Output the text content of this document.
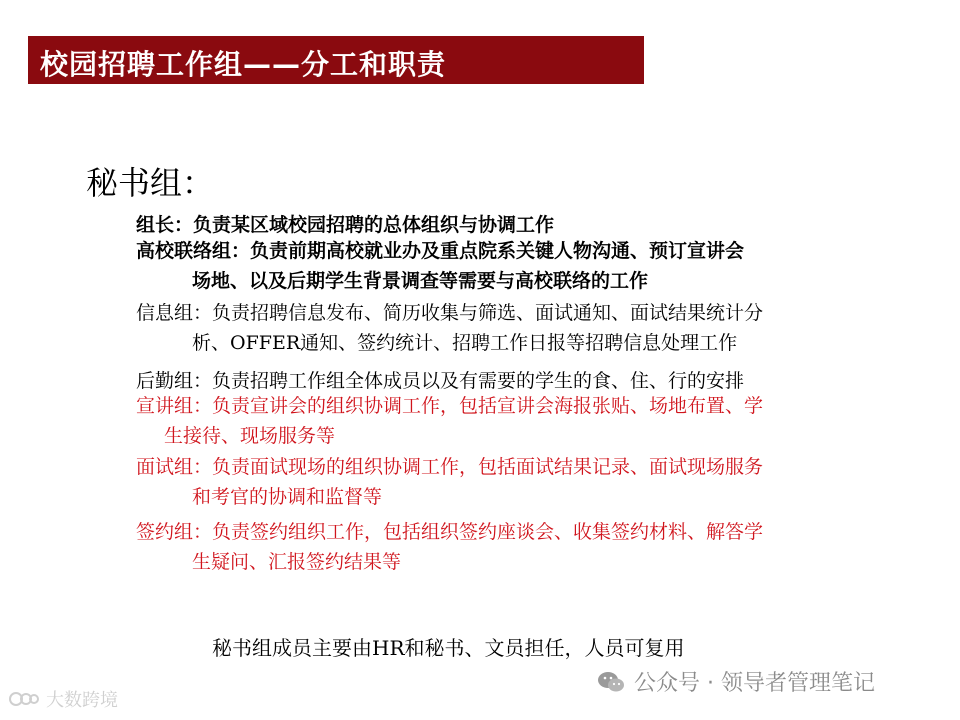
校园招聘工作组——分工和职责
秘书组：
组长：负责某区域校园招聘的总体组织与协调工作
高校联络组：负责前期高校就业办及重点院系关键人物沟通、预订宣讲会
场地、以及后期学生背景调查等需要与高校联络的工作
信息组：负责招聘信息发布、简历收集与筛选、面试通知、面试结果统计分
析、OFFER通知、签约统计、招聘工作日报等招聘信息处理工作
后勤组：负责招聘工作组全体成员以及有需要的学生的食、住、行的安排
宣讲组：负责宣讲会的组织协调工作，包括宣讲会海报张贴、场地布置、学
生接待、现场服务等
面试组：负责面试现场的组织协调工作，包括面试结果记录、面试现场服务
和考官的协调和监督等
签约组：负责签约组织工作，包括组织签约座谈会、收集签约材料、解答学
生疑问、汇报签约结果等
秘书组成员主要由HR和秘书、文员担任，人员可复用
大数跨境
公众号 · 领导者管理笔记
